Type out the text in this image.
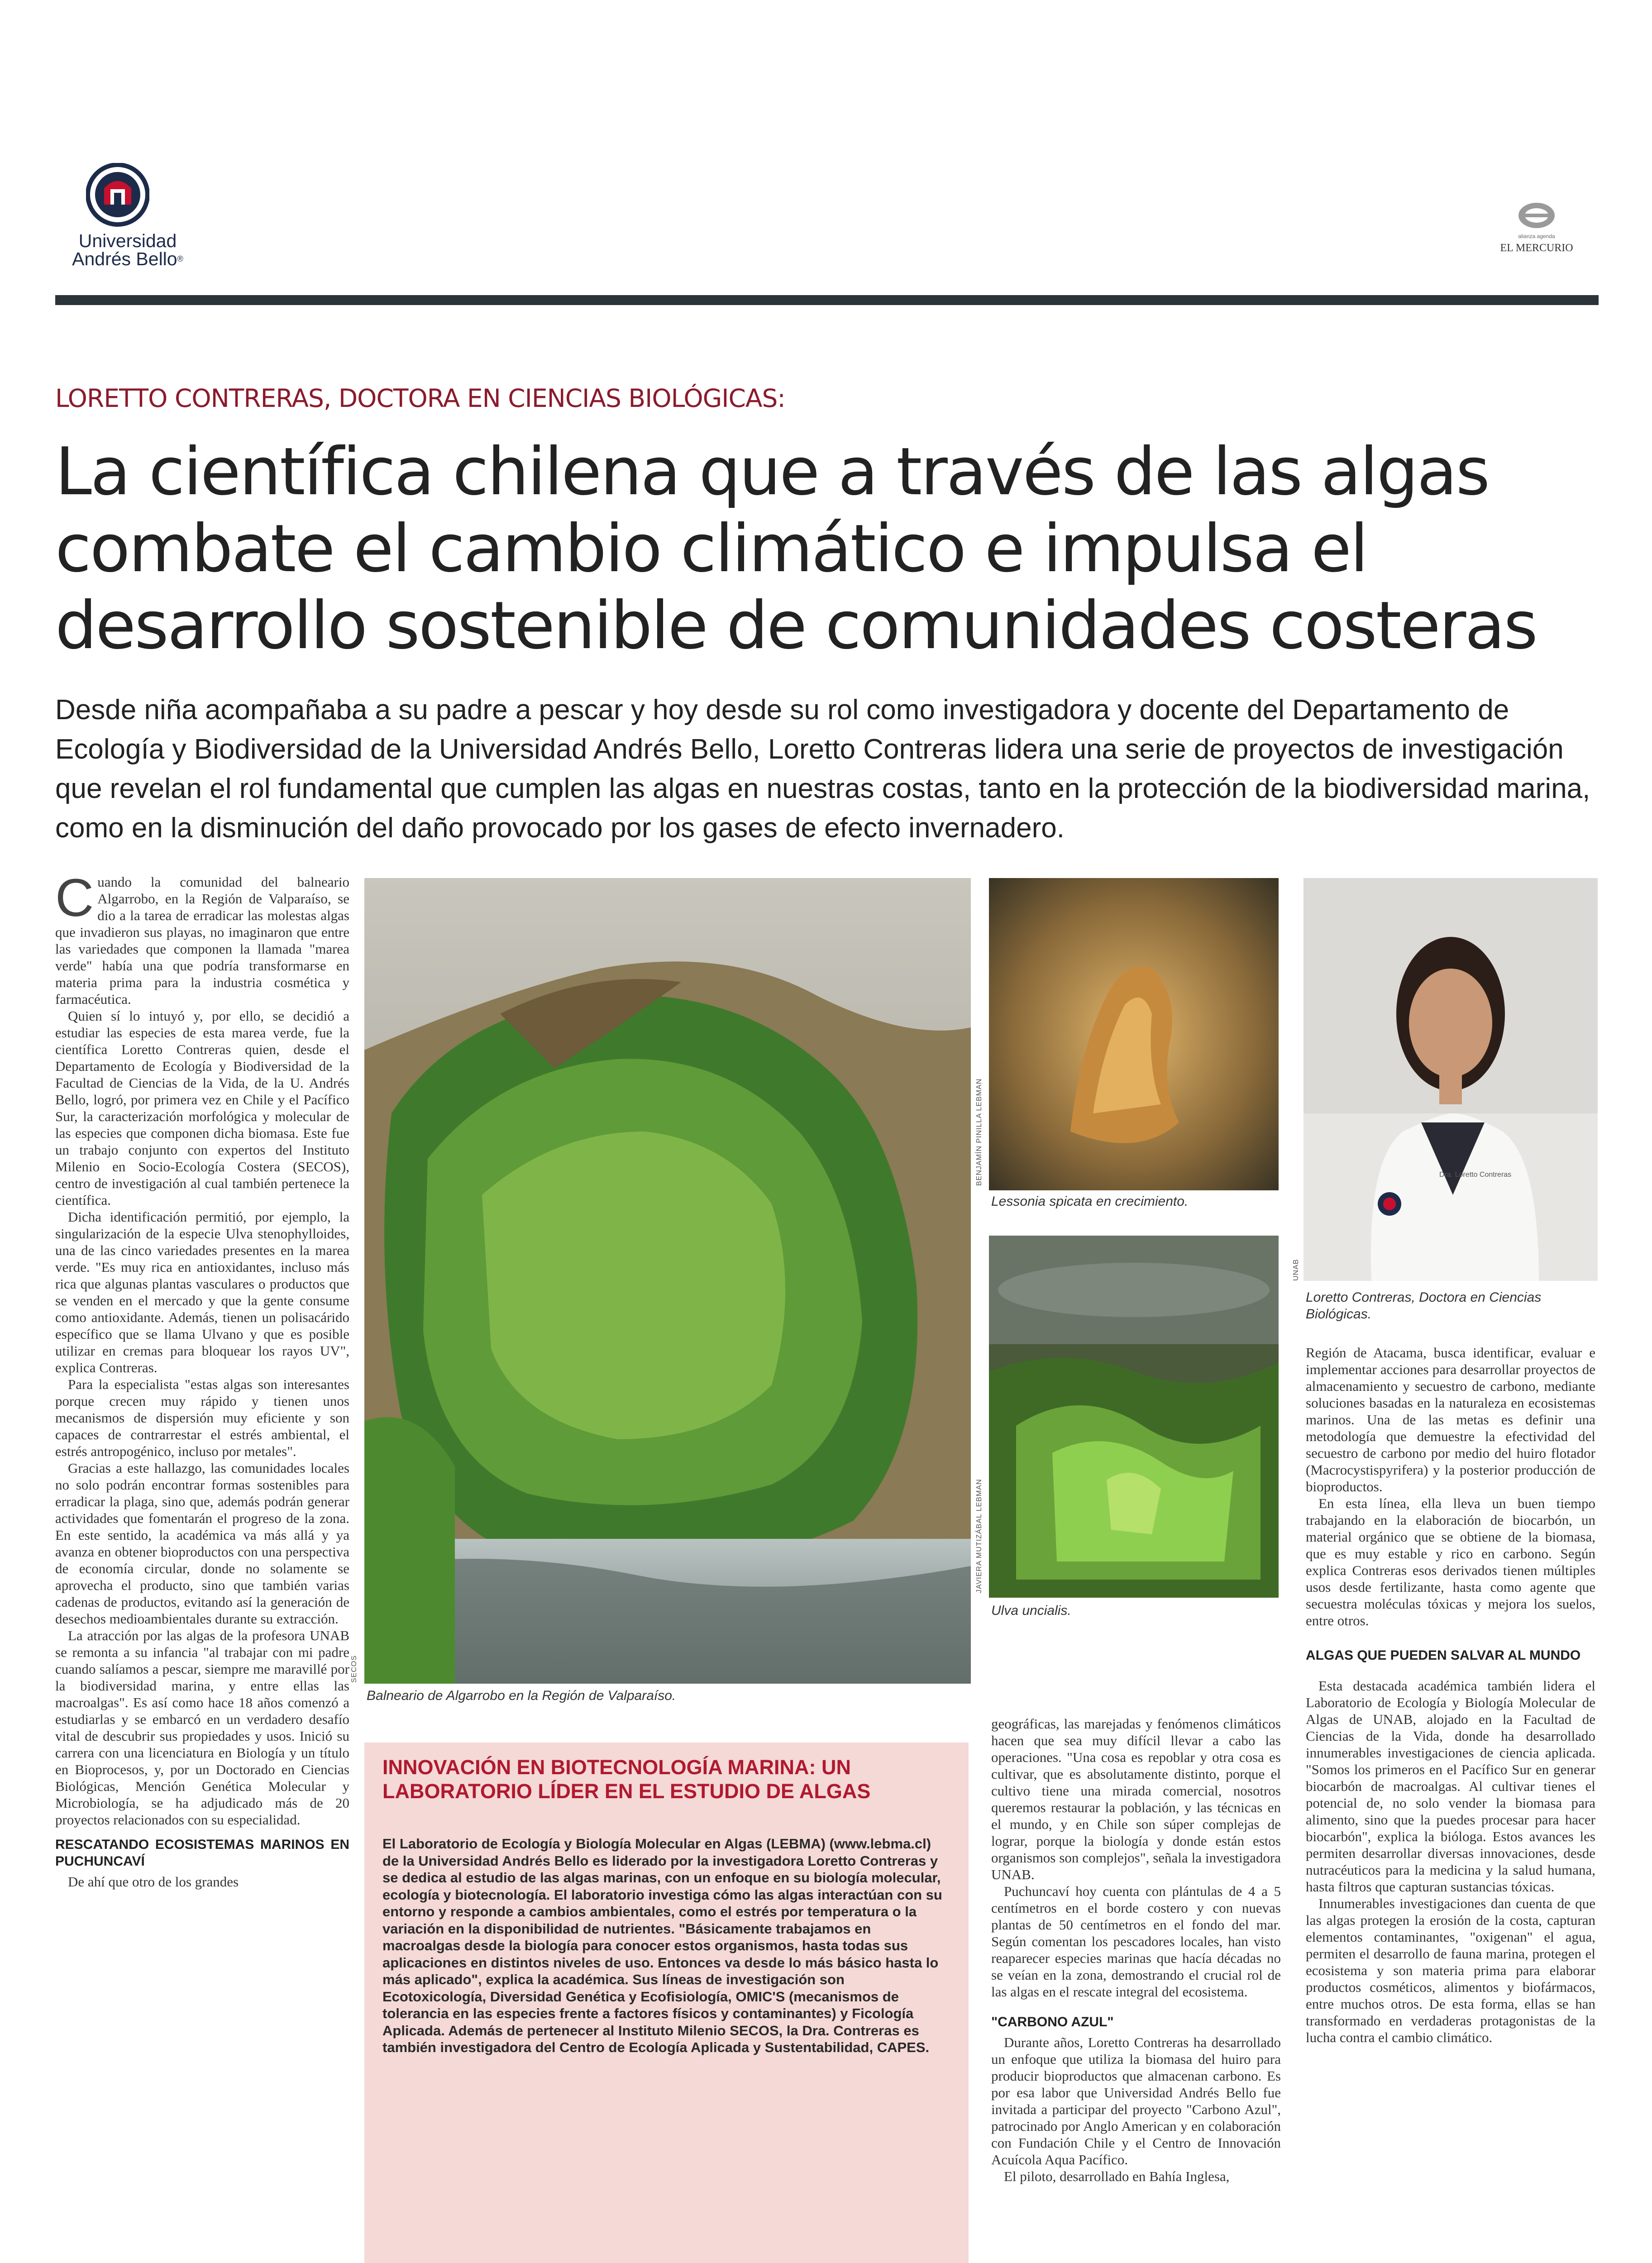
Universidad
Andrés Bello®
alianza agenda
EL MERCURIO
LORETTO CONTRERAS, DOCTORA EN CIENCIAS BIOLÓGICAS:
La científica chilena que a través de las algas combate el cambio climático e impulsa el desarrollo sostenible de comunidades costeras
Desde niña acompañaba a su padre a pescar y hoy desde su rol como investigadora y docente del Departamento de Ecología y Biodiversidad de la Universidad Andrés Bello, Loretto Contreras lidera una serie de proyectos de investigación que revelan el rol fundamental que cumplen las algas en nuestras costas, tanto en la protección de la biodiversidad marina, como en la disminución del daño provocado por los gases de efecto invernadero.

Cuando la comunidad del balneario Algarrobo, en la Región de Valparaíso, se dio a la tarea de erradicar las molestas algas que invadieron sus playas, no imaginaron que entre las variedades que componen la llamada "marea verde" había una que podría transformarse en materia prima para la industria cosmética y farmacéutica.

Quien sí lo intuyó y, por ello, se decidió a estudiar las especies de esta marea verde, fue la científica Loretto Contreras quien, desde el Departamento de Ecología y Biodiversidad de la Facultad de Ciencias de la Vida, de la U. Andrés Bello, logró, por primera vez en Chile y el Pacífico Sur, la caracterización morfológica y molecular de las especies que componen dicha biomasa. Este fue un trabajo conjunto con expertos del Instituto Milenio en Socio-Ecología Costera (SECOS), centro de investigación al cual también pertenece la científica.

Dicha identificación permitió, por ejemplo, la singularización de la especie Ulva stenophylloides, una de las cinco variedades presentes en la marea verde. "Es muy rica en antioxidantes, incluso más rica que algunas plantas vasculares o productos que se venden en el mercado y que la gente consume como antioxidante. Además, tienen un polisacárido específico que se llama Ulvano y que es posible utilizar en cremas para bloquear los rayos UV", explica Contreras.

Para la especialista "estas algas son interesantes porque crecen muy rápido y tienen unos mecanismos de dispersión muy eficiente y son capaces de contrarrestar el estrés ambiental, el estrés antropogénico, incluso por metales".

Gracias a este hallazgo, las comunidades locales no solo podrán encontrar formas sostenibles para erradicar la plaga, sino que, además podrán generar actividades que fomentarán el progreso de la zona. En este sentido, la académica va más allá y ya avanza en obtener bioproductos con una perspectiva de economía circular, donde no solamente se aprovecha el producto, sino que también varias cadenas de productos, evitando así la generación de desechos medioambientales durante su extracción.

La atracción por las algas de la profesora UNAB se remonta a su infancia "al trabajar con mi padre cuando salíamos a pescar, siempre me maravillé por la biodiversidad marina, y entre ellas las macroalgas". Es así como hace 18 años comenzó a estudiarlas y se embarcó en un verdadero desafío vital de descubrir sus propiedades y usos. Inició su carrera con una licenciatura en Biología y un título en Bioprocesos, y, por un Doctorado en Ciencias Biológicas, Mención Genética Molecular y Microbiología, se ha adjudicado más de 20 proyectos relacionados con su especialidad.

RESCATANDO ECOSISTEMAS MARINOS EN PUCHUNCAVÍ

De ahí que otro de los grandes

SECOS
Balneario de Algarrobo en la Región de Valparaíso.
BENJAMÍN PINILLA LEBMAN
Lessonia spicata en crecimiento.
JAVIERA MUTIZÁBAL LEBMAN
Ulva uncialis.
Dra. Loretto Contreras
UNAB
Loretto Contreras, Doctora en Ciencias Biológicas.
INNOVACIÓN EN BIOTECNOLOGÍA MARINA: UN LABORATORIO LÍDER EN EL ESTUDIO DE ALGAS
El Laboratorio de Ecología y Biología Molecular en Algas (LEBMA) (www.lebma.cl) de la Universidad Andrés Bello es liderado por la investigadora Loretto Contreras y se dedica al estudio de las algas marinas, con un enfoque en su biología molecular, ecología y biotecnología. El laboratorio investiga cómo las algas interactúan con su entorno y responde a cambios ambientales, como el estrés por temperatura o la variación en la disponibilidad de nutrientes. "Básicamente trabajamos en macroalgas desde la biología para conocer estos organismos, hasta todas sus aplicaciones en distintos niveles de uso. Entonces va desde lo más básico hasta lo más aplicado", explica la académica. Sus líneas de investigación son Ecotoxicología, Diversidad Genética y Ecofisiología, OMIC'S (mecanismos de tolerancia en las especies frente a factores físicos y contaminantes) y Ficología Aplicada. Además de pertenecer al Instituto Milenio SECOS, la Dra. Contreras es también investigadora del Centro de Ecología Aplicada y Sustentabilidad, CAPES.

geográficas, las marejadas y fenómenos climáticos hacen que sea muy difícil llevar a cabo las operaciones. "Una cosa es repoblar y otra cosa es cultivar, que es absolutamente distinto, porque el cultivo tiene una mirada comercial, nosotros queremos restaurar la población, y las técnicas en el mundo, y en Chile son súper complejas de lograr, porque la biología y donde están estos organismos son complejos", señala la investigadora UNAB.

Puchuncaví hoy cuenta con plántulas de 4 a 5 centímetros en el borde costero y con nuevas plantas de 50 centímetros en el fondo del mar. Según comentan los pescadores locales, han visto reaparecer especies marinas que hacía décadas no se veían en la zona, demostrando el crucial rol de las algas en el rescate integral del ecosistema.

"CARBONO AZUL"

Durante años, Loretto Contreras ha desarrollado un enfoque que utiliza la biomasa del huiro para producir bioproductos que almacenan carbono. Es por esa labor que Universidad Andrés Bello fue invitada a participar del proyecto "Carbono Azul", patrocinado por Anglo American y en colaboración con Fundación Chile y el Centro de Innovación Acuícola Aqua Pacífico.

El piloto, desarrollado en Bahía Inglesa,

Región de Atacama, busca identificar, evaluar e implementar acciones para desarrollar proyectos de almacenamiento y secuestro de carbono, mediante soluciones basadas en la naturaleza en ecosistemas marinos. Una de las metas es definir una metodología que demuestre la efectividad del secuestro de carbono por medio del huiro flotador (Macrocystispyrifera) y la posterior producción de bioproductos.

En esta línea, ella lleva un buen tiempo trabajando en la elaboración de biocarbón, un material orgánico que se obtiene de la biomasa, que es muy estable y rico en carbono. Según explica Contreras esos derivados tienen múltiples usos desde fertilizante, hasta como agente que secuestra moléculas tóxicas y mejora los suelos, entre otros.

ALGAS QUE PUEDEN SALVAR AL MUNDO

Esta destacada académica también lidera el Laboratorio de Ecología y Biología Molecular de Algas de UNAB, alojado en la Facultad de Ciencias de la Vida, donde ha desarrollado innumerables investigaciones de ciencia aplicada. "Somos los primeros en el Pacífico Sur en generar biocarbón de macroalgas. Al cultivar tienes el potencial de, no solo vender la biomasa para alimento, sino que la puedes procesar para hacer biocarbón", explica la bióloga. Estos avances les permiten desarrollar diversas innovaciones, desde nutracéuticos para la medicina y la salud humana, hasta filtros que capturan sustancias tóxicas.

Innumerables investigaciones dan cuenta de que las algas protegen la erosión de la costa, capturan elementos contaminantes, "oxigenan" el agua, permiten el desarrollo de fauna marina, protegen el ecosistema y son materia prima para elaborar productos cosméticos, alimentos y biofármacos, entre muchos otros. De esta forma, ellas se han transformado en verdaderas protagonistas de la lucha contra el cambio climático.
